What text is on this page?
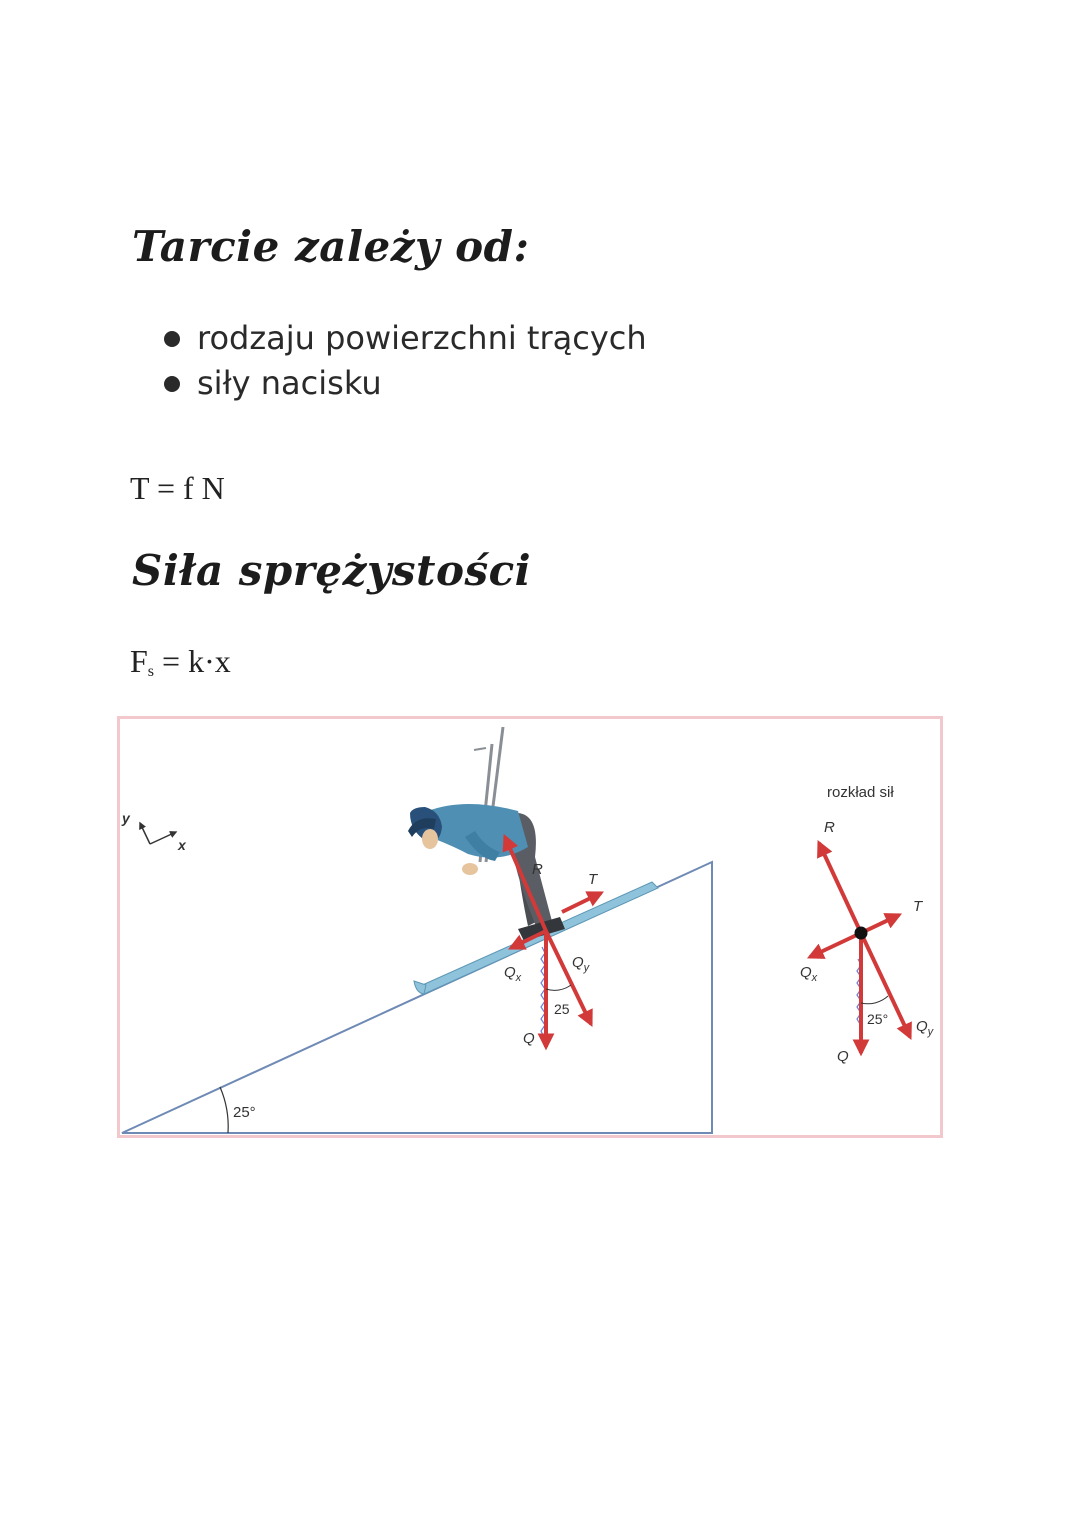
Tarcie zależy od:
rodzaju powierzchni trących
siły nacisku
T = f N
Siła sprężystości
$F_s = k\cdot x$
y
x
25°
R
T
$Q_x$
$Q_y$
Q
25
rozkład sił
R
T
$Q_x$
$Q_y$
Q
25°
